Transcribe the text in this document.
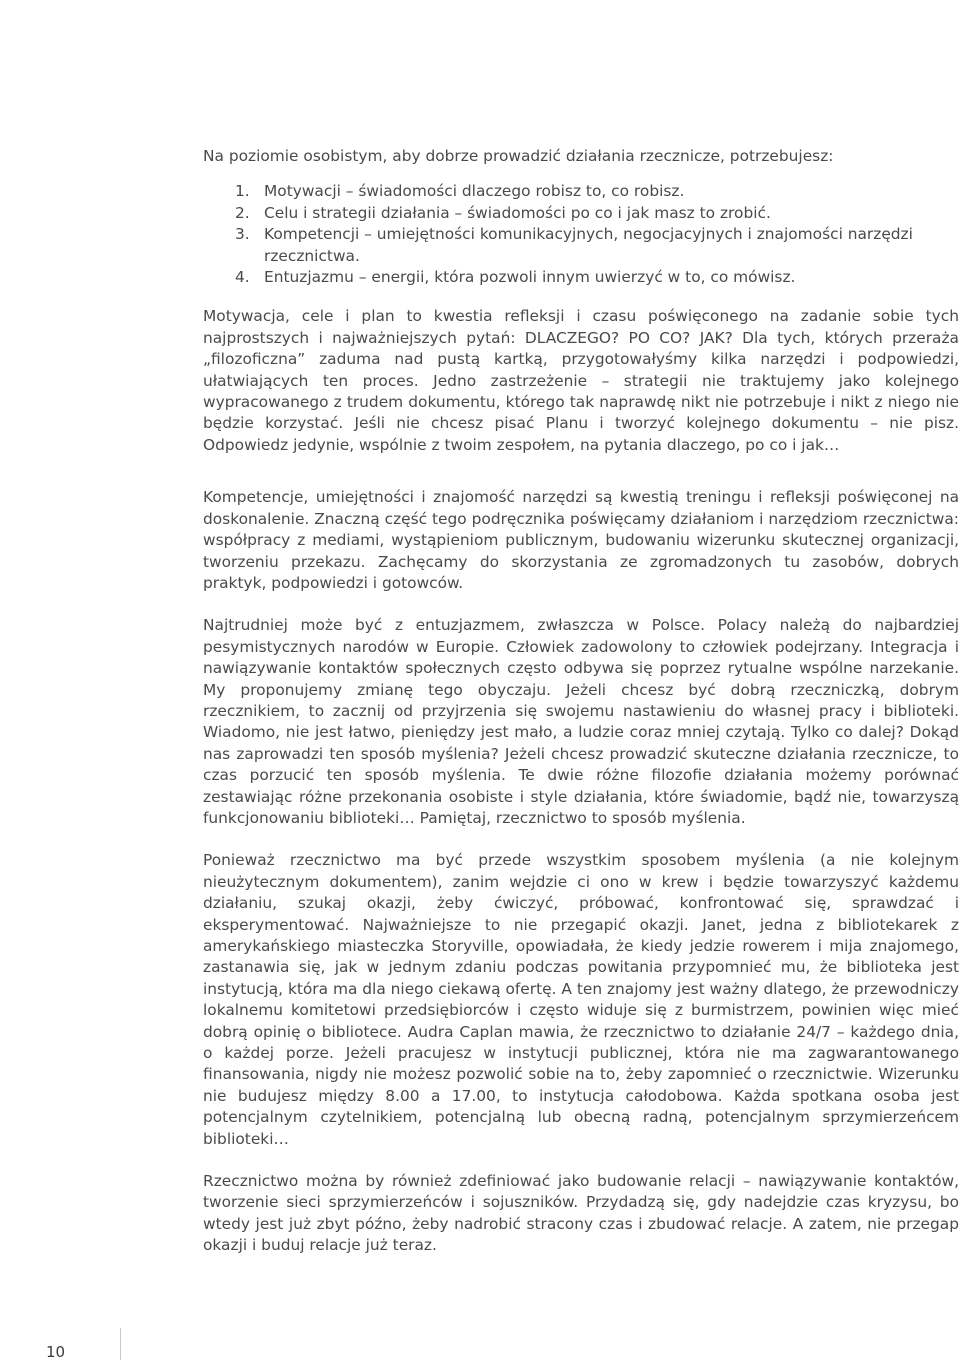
Na poziomie osobistym, aby dobrze prowadzić działania rzecznicze, potrzebujesz:

1. Motywacji – świadomości dlaczego robisz to, co robisz.
2. Celu i strategii działania – świadomości po co i jak masz to zrobić.
3. Kompetencji – umiejętności komunikacyjnych, negocjacyjnych i znajomości narzędzi rzecznictwa.
4. Entuzjazmu – energii, która pozwoli innym uwierzyć w to, co mówisz.

Motywacja, cele i plan to kwestia refleksji i czasu poświęconego na zadanie sobie tych najprostszych i najważniejszych pytań: DLACZEGO? PO CO? JAK? Dla tych, których przeraża „filozoficzna” zaduma nad pustą kartką, przygotowałyśmy kilka narzędzi i podpowiedzi, ułatwiających ten proces. Jedno zastrzeżenie – strategii nie traktujemy jako kolejnego wypracowanego z trudem dokumentu, którego tak naprawdę nikt nie potrzebuje i nikt z niego nie będzie korzystać. Jeśli nie chcesz pisać Planu i tworzyć kolejnego dokumentu – nie pisz. Odpowiedz jedynie, wspólnie z twoim zespołem, na pytania dlaczego, po co i jak…

Kompetencje, umiejętności i znajomość narzędzi są kwestią treningu i refleksji poświęconej na doskonalenie. Znaczną część tego podręcznika poświęcamy działaniom i narzędziom rzecznictwa: współpracy z mediami, wystąpieniom publicznym, budowaniu wizerunku skutecznej organizacji, tworzeniu przekazu. Zachęcamy do skorzystania ze zgromadzonych tu zasobów, dobrych praktyk, podpowiedzi i gotowców.

Najtrudniej może być z entuzjazmem, zwłaszcza w Polsce. Polacy należą do najbardziej pesymistycznych narodów w Europie. Człowiek zadowolony to człowiek podejrzany. Integracja i nawiązywanie kontaktów społecznych często odbywa się poprzez rytualne wspólne narzekanie. My proponujemy zmianę tego obyczaju. Jeżeli chcesz być dobrą rzeczniczką, dobrym rzecznikiem, to zacznij od przyjrzenia się swojemu nastawieniu do własnej pracy i biblioteki. Wiadomo, nie jest łatwo, pieniędzy jest mało, a ludzie coraz mniej czytają. Tylko co dalej? Dokąd nas zaprowadzi ten sposób myślenia? Jeżeli chcesz prowadzić skuteczne działania rzecznicze, to czas porzucić ten sposób myślenia. Te dwie różne filozofie działania możemy porównać zestawiając różne przekonania osobiste i style działania, które świadomie, bądź nie, towarzyszą funkcjonowaniu biblioteki… Pamiętaj, rzecznictwo to sposób myślenia.

Ponieważ rzecznictwo ma być przede wszystkim sposobem myślenia (a nie kolejnym nieużytecznym dokumentem), zanim wejdzie ci ono w krew i będzie towarzyszyć każdemu działaniu, szukaj okazji, żeby ćwiczyć, próbować, konfrontować się, sprawdzać i eksperymentować. Najważniejsze to nie przegapić okazji. Janet, jedna z bibliotekarek z amerykańskiego miasteczka Storyville, opowiadała, że kiedy jedzie rowerem i mija znajomego, zastanawia się, jak w jednym zdaniu podczas powitania przypomnieć mu, że biblioteka jest instytucją, która ma dla niego ciekawą ofertę. A ten znajomy jest ważny dlatego, że przewodniczy lokalnemu komitetowi przedsiębiorców i często widuje się z burmistrzem, powinien więc mieć dobrą opinię o bibliotece. Audra Caplan mawia, że rzecznictwo to działanie 24/7 – każdego dnia, o każdej porze. Jeżeli pracujesz w instytucji publicznej, która nie ma zagwarantowanego finansowania, nigdy nie możesz pozwolić sobie na to, żeby zapomnieć o rzecznictwie. Wizerunku nie budujesz między 8.00 a 17.00, to instytucja całodobowa. Każda spotkana osoba jest potencjalnym czytelnikiem, potencjalną lub obecną radną, potencjalnym sprzymierzeńcem biblioteki…

Rzecznictwo można by również zdefiniować jako budowanie relacji – nawiązywanie kontaktów, tworzenie sieci sprzymierzeńców i sojuszników. Przydadzą się, gdy nadejdzie czas kryzysu, bo wtedy jest już zbyt późno, żeby nadrobić stracony czas i zbudować relacje. A zatem, nie przegap okazji i buduj relacje już teraz.

10
